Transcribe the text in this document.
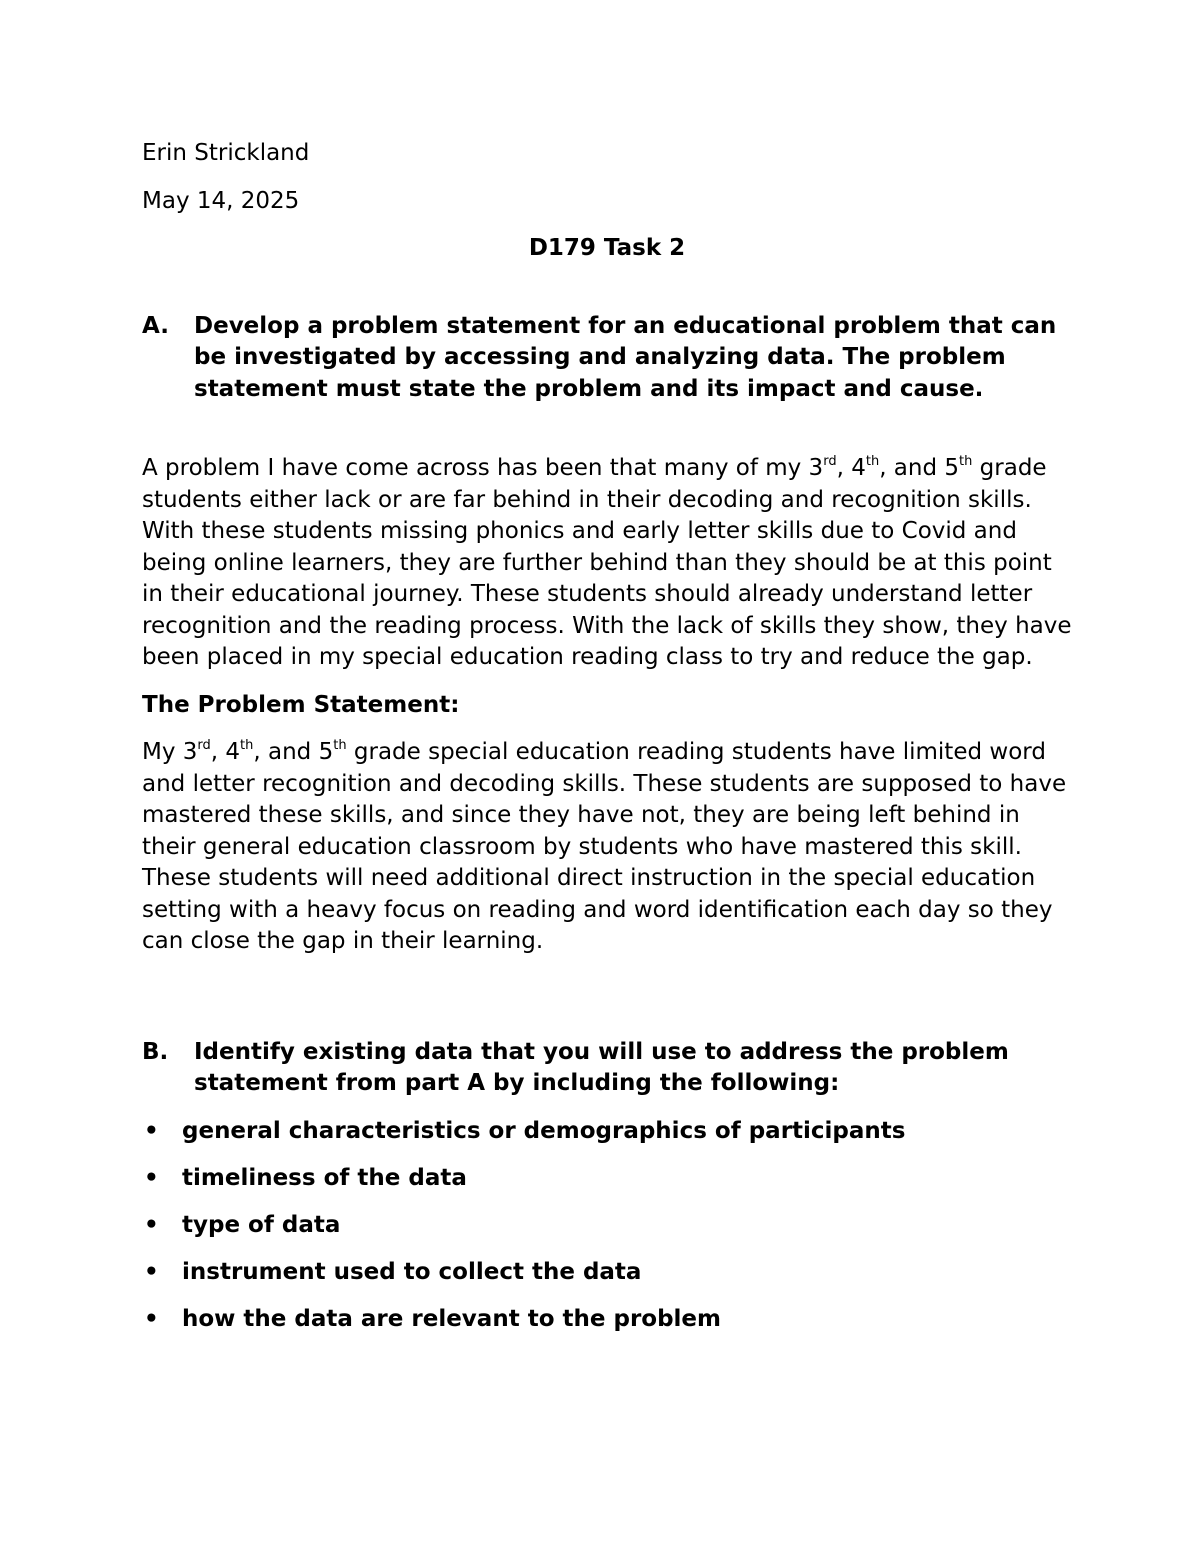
Erin Strickland

May 14, 2025

D179 Task 2

A.	Develop a problem statement for an educational problem that can be investigated by accessing and analyzing data. The problem statement must state the problem and its impact and cause.

A problem I have come across has been that many of my 3rd, 4th, and 5th grade students either lack or are far behind in their decoding and recognition skills. With these students missing phonics and early letter skills due to Covid and being online learners, they are further behind than they should be at this point in their educational journey. These students should already understand letter recognition and the reading process. With the lack of skills they show, they have been placed in my special education reading class to try and reduce the gap.

The Problem Statement:

My 3rd, 4th, and 5th grade special education reading students have limited word and letter recognition and decoding skills. These students are supposed to have mastered these skills, and since they have not, they are being left behind in their general education classroom by students who have mastered this skill. These students will need additional direct instruction in the special education setting with a heavy focus on reading and word identification each day so they can close the gap in their learning.

B.	Identify existing data that you will use to address the problem statement from part A by including the following:

•	general characteristics or demographics of participants
•	timeliness of the data
•	type of data
•	instrument used to collect the data
•	how the data are relevant to the problem
